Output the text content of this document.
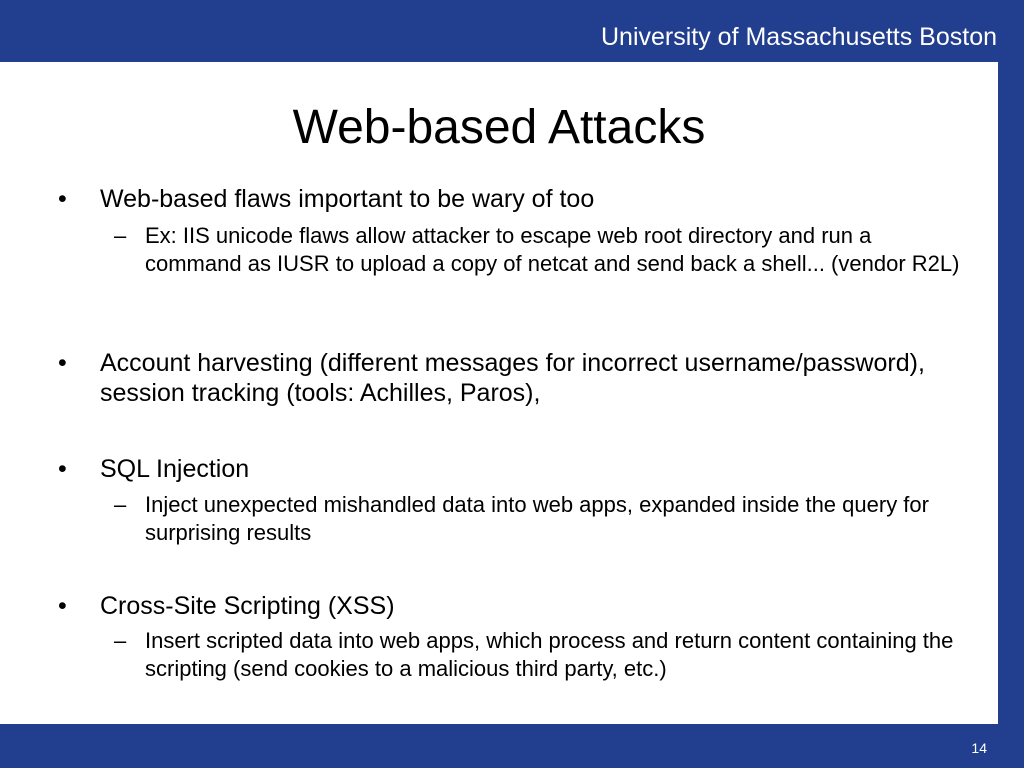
University of Massachusetts Boston
Web-based Attacks
• Web-based flaws important to be wary of too
– Ex: IIS unicode flaws allow attacker to escape web root directory and run a command as IUSR to upload a copy of netcat and send back a shell... (vendor R2L)
• Account harvesting (different messages for incorrect username/password), session tracking (tools: Achilles, Paros),
• SQL Injection
– Inject unexpected mishandled data into web apps, expanded inside the query for surprising results
• Cross-Site Scripting (XSS)
– Insert scripted data into web apps, which process and return content containing the scripting (send cookies to a malicious third party, etc.)
14
